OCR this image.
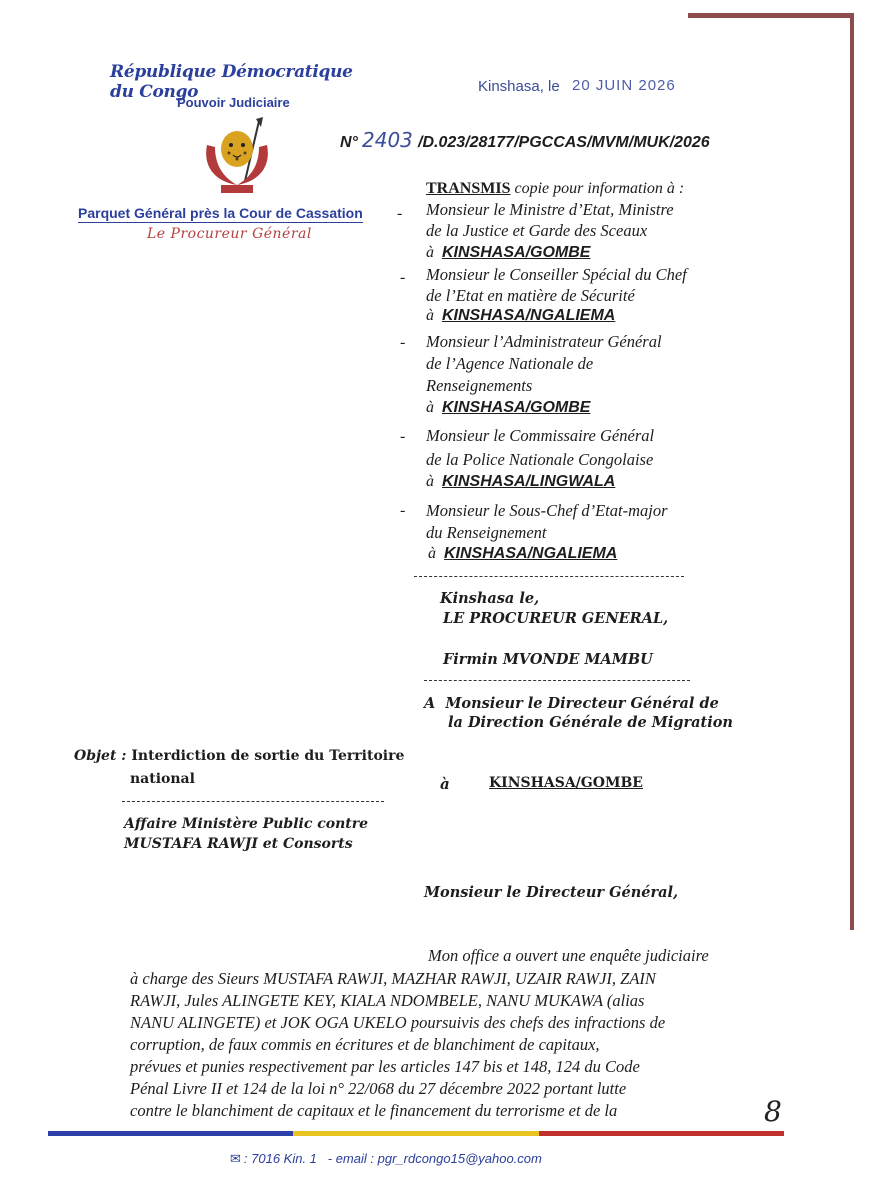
République Démocratique du Congo
Pouvoir Judiciaire
Parquet Général près la Cour de Cassation
Le Procureur Général
Kinshasa, le 20 JUIN 2026
N° 2403 /D.023/28177/PGCCAS/MVM/MUK/2026
TRANSMIS copie pour information à :
- Monsieur le Ministre d’Etat, Ministre
de la Justice et Garde des Sceaux
à KINSHASA/GOMBE
- Monsieur le Conseiller Spécial du Chef
de l’Etat en matière de Sécurité
à KINSHASA/NGALIEMA
- Monsieur l’Administrateur Général
de l’Agence Nationale de
Renseignements
à KINSHASA/GOMBE
- Monsieur le Commissaire Général
de la Police Nationale Congolaise
à KINSHASA/LINGWALA
- Monsieur le Sous-Chef d’Etat-major
du Renseignement
à KINSHASA/NGALIEMA
Kinshasa le,
LE PROCUREUR GENERAL,
Firmin MVONDE MAMBU
A Monsieur le Directeur Général de
la Direction Générale de Migration
à	KINSHASA/GOMBE
Objet : Interdiction de sortie du Territoire
national
Affaire Ministère Public contre
MUSTAFA RAWJI et Consorts
Monsieur le Directeur Général,
Mon office a ouvert une enquête judiciaire
à charge des Sieurs MUSTAFA RAWJI, MAZHAR RAWJI, UZAIR RAWJI, ZAIN
RAWJI, Jules ALINGETE KEY, KIALA NDOMBELE, NANU MUKAWA (alias
NANU ALINGETE) et JOK OGA UKELO poursuivis des chefs des infractions de
corruption, de faux commis en écritures et de blanchiment de capitaux,
prévues et punies respectivement par les articles 147 bis et 148, 124 du Code
Pénal Livre II et 124 de la loi n° 22/068 du 27 décembre 2022 portant lutte
contre le blanchiment de capitaux et le financement du terrorisme et de la	8
✉ : 7016 Kin. 1 - email : pgr_rdcongo15@yahoo.com
